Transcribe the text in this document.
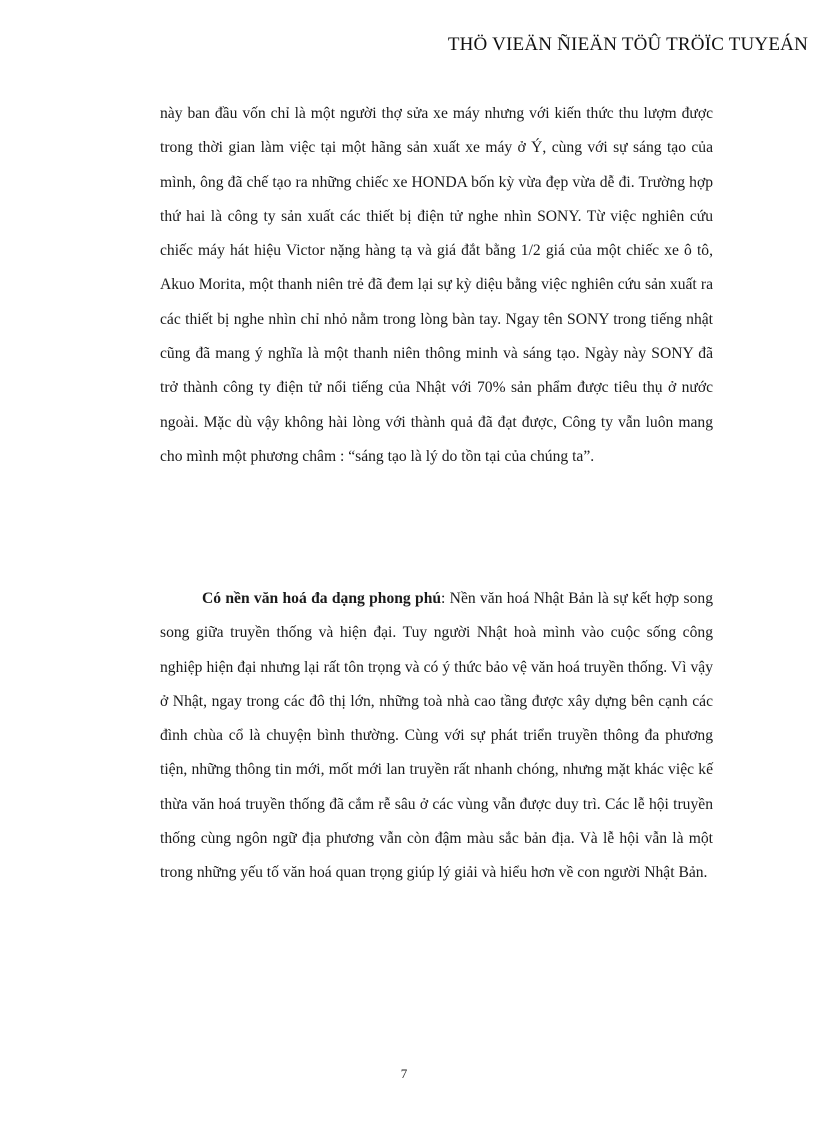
THÖ VIEÄN ÑIEÄN TÖÛ TRÖÏC TUYEÁN
này ban đầu vốn chỉ là một người thợ sửa xe máy nhưng với kiến thức thu lượm được trong thời gian làm việc tại một hãng sản xuất xe máy ở Ý, cùng với sự sáng tạo của mình, ông đã chế tạo ra những chiếc xe HONDA bốn kỳ vừa đẹp vừa dễ đi. Trường hợp thứ hai là công ty sản xuất các thiết bị điện tử nghe nhìn SONY. Từ việc nghiên cứu chiếc máy hát hiệu Victor nặng hàng tạ và giá đắt bằng 1/2 giá của một chiếc xe ô tô, Akuo Morita, một thanh niên trẻ đã đem lại sự kỳ diệu bằng việc nghiên cứu sản xuất ra các thiết bị nghe nhìn chỉ nhỏ nằm trong lòng bàn tay. Ngay tên SONY trong tiếng nhật cũng đã mang ý nghĩa là một thanh niên thông minh và sáng tạo. Ngày này SONY đã trở thành công ty điện tử nổi tiếng của Nhật với 70% sản phẩm được tiêu thụ ở nước ngoài. Mặc dù vậy không hài lòng với thành quả đã đạt được, Công ty vẫn luôn mang cho mình một phương châm : “sáng tạo là lý do tồn tại của chúng ta”.
Có nền văn hoá đa dạng phong phú: Nền văn hoá Nhật Bản là sự kết hợp song song giữa truyền thống và hiện đại. Tuy người Nhật hoà mình vào cuộc sống công nghiệp hiện đại nhưng lại rất tôn trọng và có ý thức bảo vệ văn hoá truyền thống. Vì vậy ở Nhật, ngay trong các đô thị lớn, những toà nhà cao tầng được xây dựng bên cạnh các đình chùa cổ là chuyện bình thường. Cùng với sự phát triển truyền thông đa phương tiện, những thông tin mới, mốt mới lan truyền rất nhanh chóng, nhưng mặt khác việc kế thừa văn hoá truyền thống đã cắm rễ sâu ở các vùng vẫn được duy trì. Các lễ hội truyền thống cùng ngôn ngữ địa phương vẫn còn đậm màu sắc bản địa. Và lễ hội vẫn là một trong những yếu tố văn hoá quan trọng giúp lý giải và hiểu hơn về con người Nhật Bản.
7
